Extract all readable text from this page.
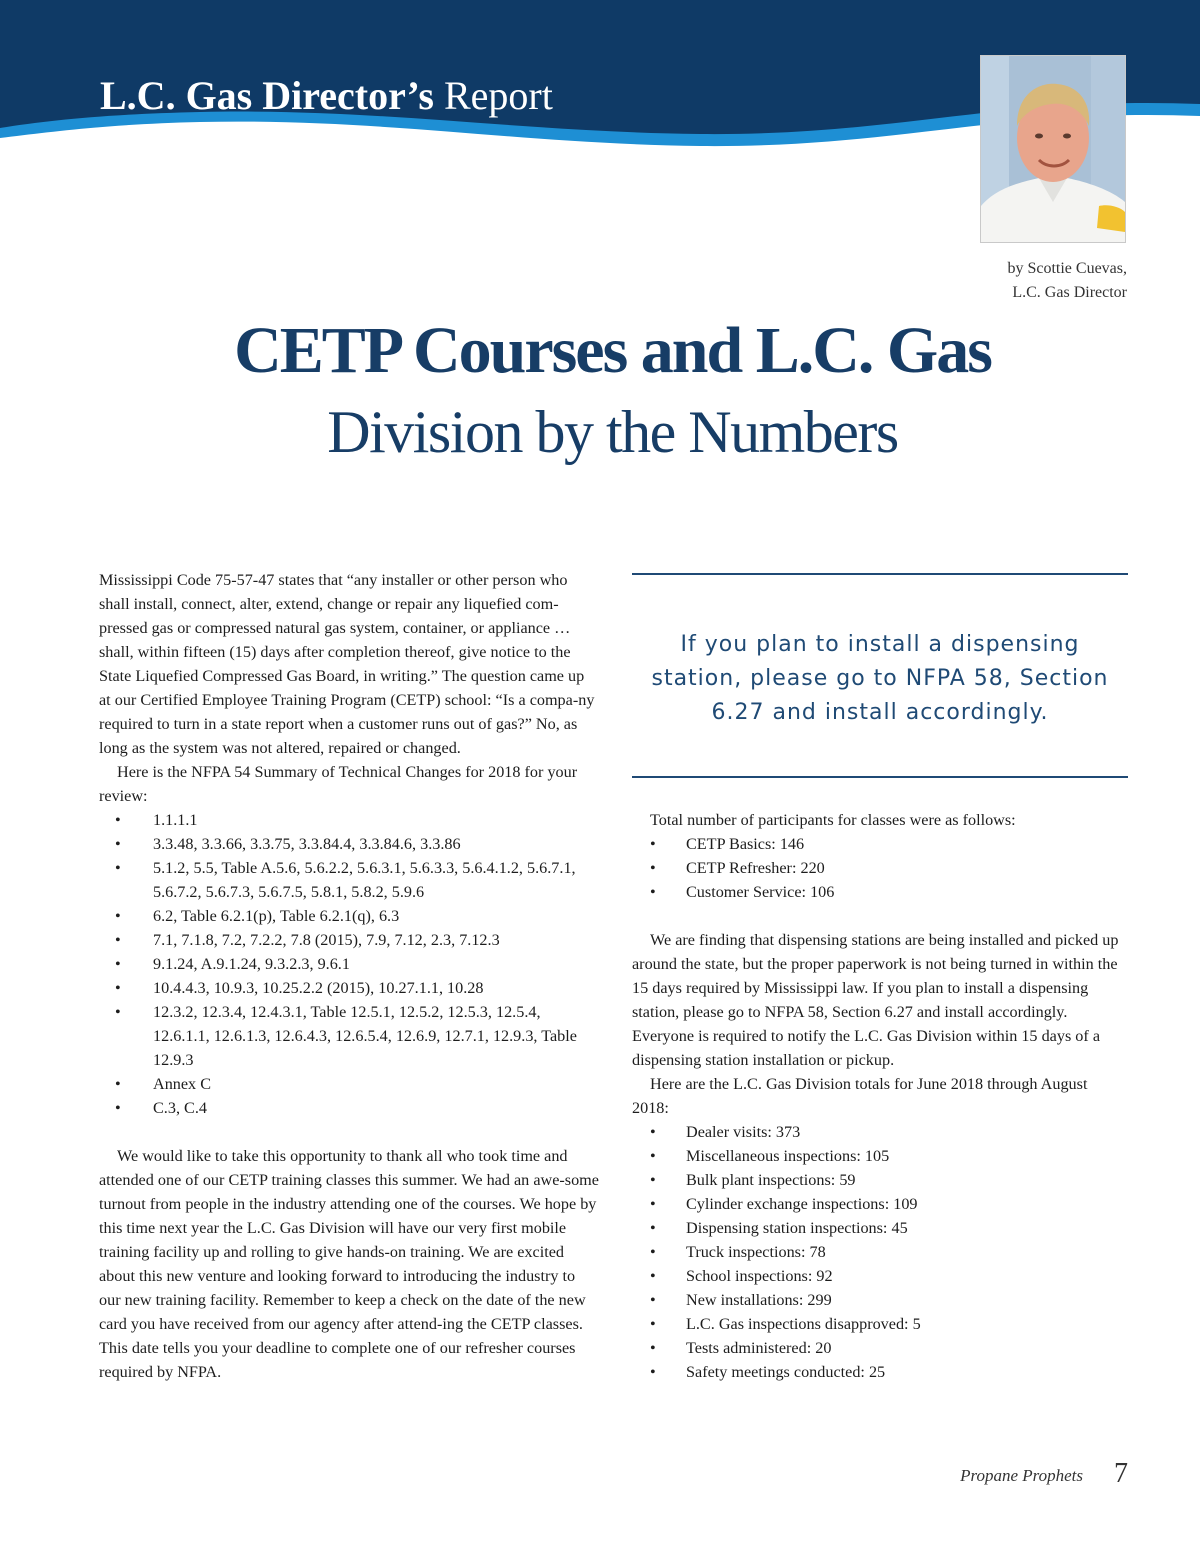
L.C. Gas Director’s Report
by Scottie Cuevas,
L.C. Gas Director
CETP Courses and L.C. Gas
Division by the Numbers

Mississippi Code 75-57-47 states that “any installer or other person who shall install, connect, alter, extend, change or repair any liquefied com-pressed gas or compressed natural gas system, container, or appliance … shall, within fifteen (15) days after completion thereof, give notice to the State Liquefied Compressed Gas Board, in writing.” The question came up at our Certified Employee Training Program (CETP) school: “Is a compa-ny required to turn in a state report when a customer runs out of gas?” No, as long as the system was not altered, repaired or changed.

Here is the NFPA 54 Summary of Technical Changes for 2018 for your review:

• 1.1.1.1
• 3.3.48, 3.3.66, 3.3.75, 3.3.84.4, 3.3.84.6, 3.3.86
• 5.1.2, 5.5, Table A.5.6, 5.6.2.2, 5.6.3.1, 5.6.3.3, 5.6.4.1.2, 5.6.7.1, 5.6.7.2, 5.6.7.3, 5.6.7.5, 5.8.1, 5.8.2, 5.9.6
• 6.2, Table 6.2.1(p), Table 6.2.1(q), 6.3
• 7.1, 7.1.8, 7.2, 7.2.2, 7.8 (2015), 7.9, 7.12, 2.3, 7.12.3
• 9.1.24, A.9.1.24, 9.3.2.3, 9.6.1
• 10.4.4.3, 10.9.3, 10.25.2.2 (2015), 10.27.1.1, 10.28
• 12.3.2, 12.3.4, 12.4.3.1, Table 12.5.1, 12.5.2, 12.5.3, 12.5.4, 12.6.1.1, 12.6.1.3, 12.6.4.3, 12.6.5.4, 12.6.9, 12.7.1, 12.9.3, Table 12.9.3
• Annex C
• C.3, C.4

We would like to take this opportunity to thank all who took time and attended one of our CETP training classes this summer. We had an awe-some turnout from people in the industry attending one of the courses. We hope by this time next year the L.C. Gas Division will have our very first mobile training facility up and rolling to give hands-on training. We are excited about this new venture and looking forward to introducing the industry to our new training facility. Remember to keep a check on the date of the new card you have received from our agency after attend-ing the CETP classes. This date tells you your deadline to complete one of our refresher courses required by NFPA.

If you plan to install a dispensing station, please go to NFPA 58, Section 6.27 and install accordingly.

Total number of participants for classes were as follows:

• CETP Basics: 146
• CETP Refresher: 220
• Customer Service: 106

We are finding that dispensing stations are being installed and picked up around the state, but the proper paperwork is not being turned in within the 15 days required by Mississippi law. If you plan to install a dispensing station, please go to NFPA 58, Section 6.27 and install accordingly. Everyone is required to notify the L.C. Gas Division within 15 days of a dispensing station installation or pickup.

Here are the L.C. Gas Division totals for June 2018 through August 2018:

• Dealer visits: 373
• Miscellaneous inspections: 105
• Bulk plant inspections: 59
• Cylinder exchange inspections: 109
• Dispensing station inspections: 45
• Truck inspections: 78
• School inspections: 92
• New installations: 299
• L.C. Gas inspections disapproved: 5
• Tests administered: 20
• Safety meetings conducted: 25
Propane Prophets 7
